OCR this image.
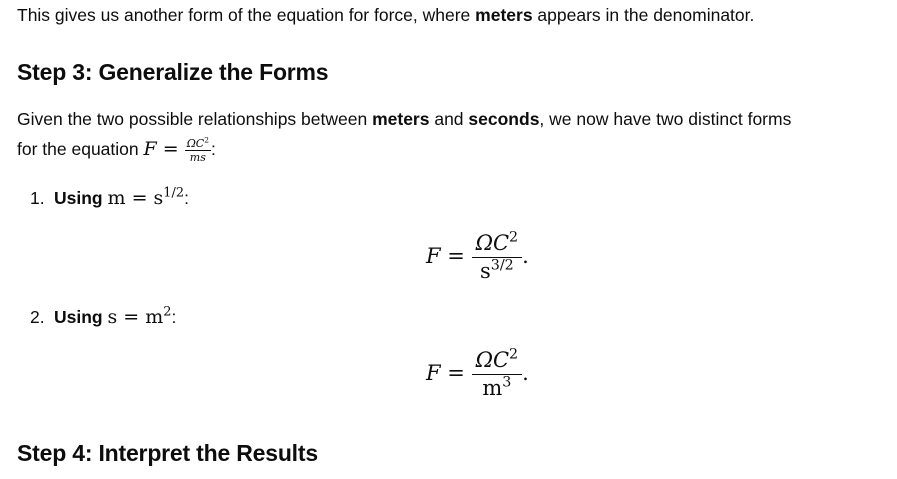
This gives us another form of the equation for force, where meters appears in the denominator.
Step 3: Generalize the Forms
Given the two possible relationships between meters and seconds, we now have two distinct forms
for the equation $F = \frac{\Omega C^2}{ms}$ :
1. Using $m = s^{1/2}$:
$F = \frac{\Omega C^2}{s^{3/2}}$ .
2. Using $s = m^2$:
$F = \frac{\Omega C^2}{m^3}$ .
Step 4: Interpret the Results
